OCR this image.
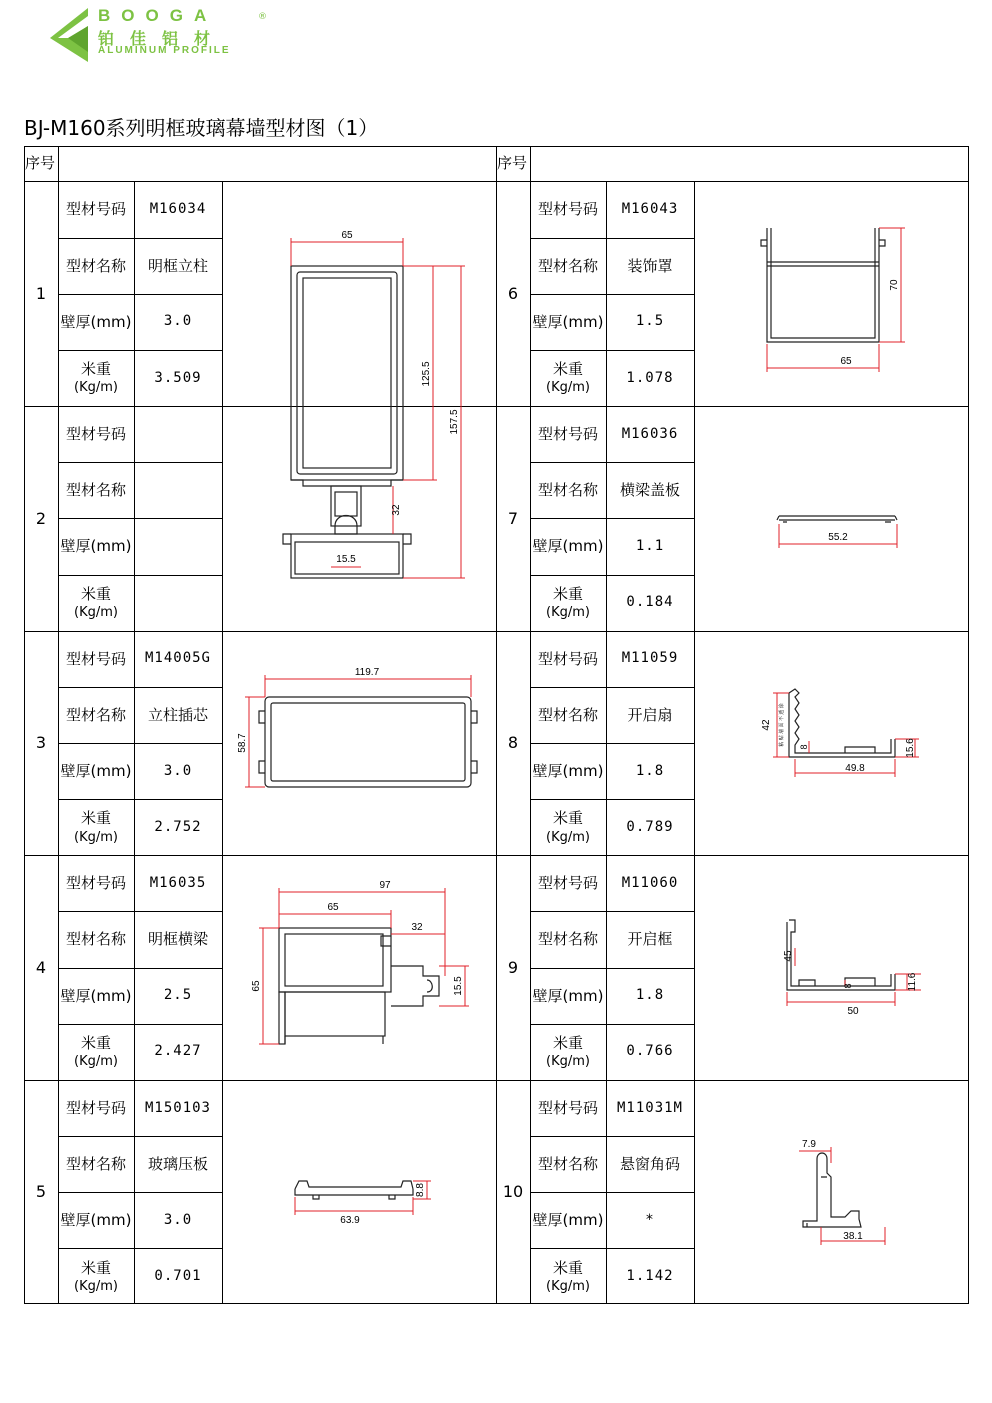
BOOGA
铂佳铝材
ALUMINUM PROFILE
®
BJ-M160系列明框玻璃幕墙型材图（1）
序号	序号
1
型材号码
型材名称
壁厚(mm)
米重
(Kg/m)
M16034
明框立柱
3.0
3.509
2
型材号码
型材名称
壁厚(mm)
米重
(Kg/m)
3
型材号码
型材名称
壁厚(mm)
米重
(Kg/m)
M14005G
立柱插芯
3.0
2.752
4
型材号码
型材名称
壁厚(mm)
米重
(Kg/m)
M16035
明框横梁
2.5
2.427
5
型材号码
型材名称
壁厚(mm)
米重
(Kg/m)
M150103
玻璃压板
3.0
0.701
6
型材号码
型材名称
壁厚(mm)
米重
(Kg/m)
M16043
装饰罩
1.5
1.078
7
型材号码
型材名称
壁厚(mm)
米重
(Kg/m)
M16036
横梁盖板
1.1
0.184
8
型材号码
型材名称
壁厚(mm)
米重
(Kg/m)
M11059
开启扇
1.8
0.789
9
型材号码
型材名称
壁厚(mm)
米重
(Kg/m)
M11060
开启框
1.8
0.766
10
型材号码
型材名称
壁厚(mm)
米重
(Kg/m)
M11031M
悬窗角码
*
1.142
65
125.5
157.5
32
15.5
119.7
58.7
97
65
32
65	15.5
63.9
8.8
65
70
55.2
49.8
42
15.6
8
粘 贴 墙 面 不 透 涂
50
45
11.6
8
7.9
38.1
